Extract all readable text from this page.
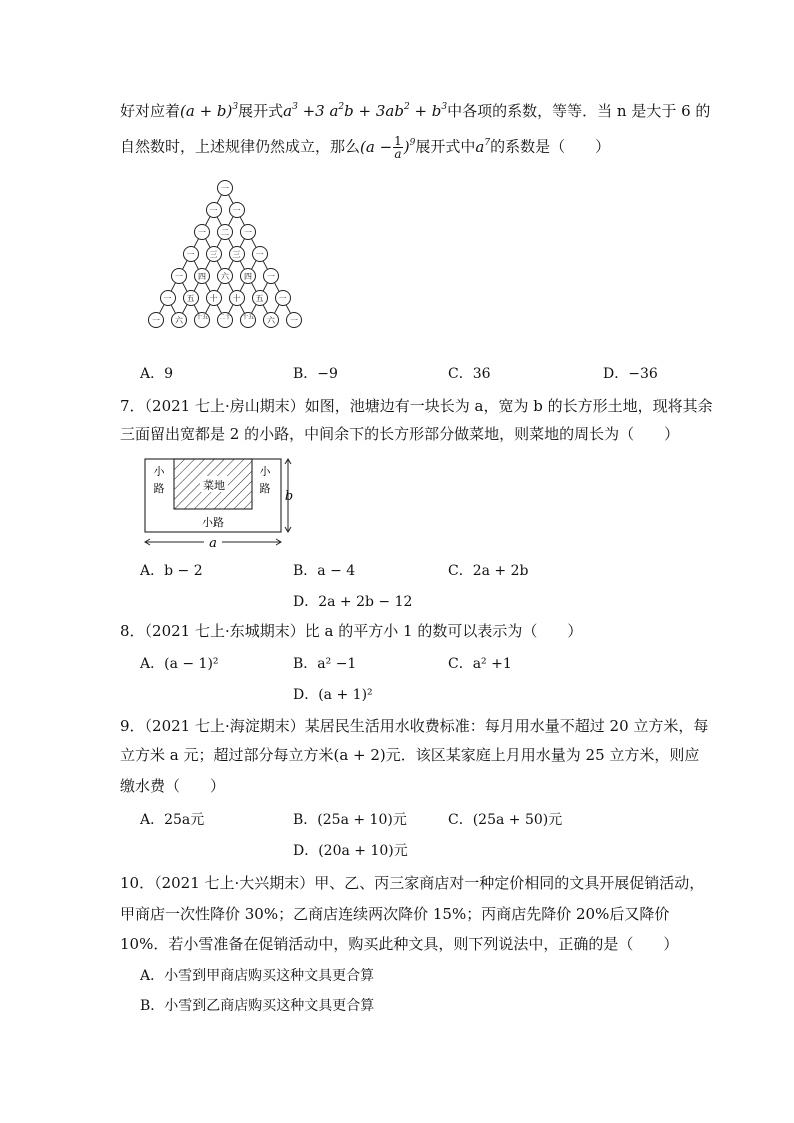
好对应着$(a + b)^3$展开式$a^3 +3$ $a^2b + 3ab^2 + b^3$中各项的系数，等等．当 n 是大于 6 的
自然数时，上述规律仍然成立，那么$(a - \frac{1}{a} )^9$展开式中$a^7$的系数是（　　）
一
一	一
一	二	一
一	三	三	一
一	四	六	四	一
一	五	十	十	五	一
一	六	十五	二十	十五	六	一
A．9	B．−9	C．36	D．−36
7．（2021 七上·房山期末）如图，池塘边有一块长为 a，宽为 b 的长方形土地，现将其余
三面留出宽都是 2 的小路，中间余下的长方形部分做菜地，则菜地的周长为（　　）
菜地
小
路
小
路
小路
b
a
A．b − 2	B．a − 4	C．2a + 2b
D．2a + 2b − 12
8．（2021 七上·东城期末）比 a 的平方小 1 的数可以表示为（　　）
A．(a − 1)²	B．a² −1	C．a² +1
D．(a + 1)²
9．（2021 七上·海淀期末）某居民生活用水收费标准：每月用水量不超过 20 立方米，每
立方米 a 元；超过部分每立方米(a + 2)元．该区某家庭上月用水量为 25 立方米，则应
缴水费（　　）
A．25a元	B．(25a + 10)元	C．(25a + 50)元
D．(20a + 10)元
10．（2021 七上·大兴期末）甲、乙、丙三家商店对一种定价相同的文具开展促销活动，
甲商店一次性降价 30%；乙商店连续两次降价 15%；丙商店先降价 20%后又降价
10%．若小雪准备在促销活动中，购买此种文具，则下列说法中，正确的是（　　）
A．小雪到甲商店购买这种文具更合算
B．小雪到乙商店购买这种文具更合算
